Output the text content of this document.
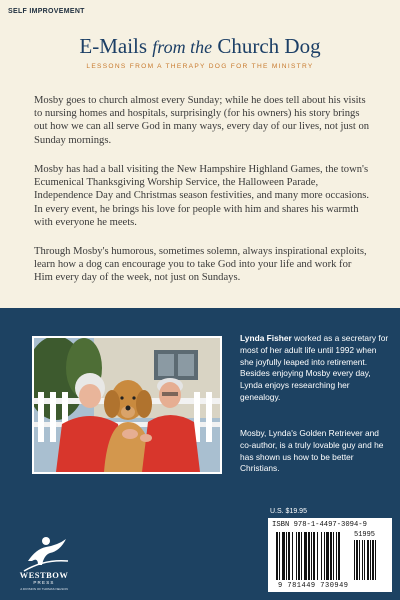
SELF IMPROVEMENT
E-Mails from the Church Dog
LESSONS FROM A THERAPY DOG FOR THE MINISTRY

Mosby goes to church almost every Sunday; while he does tell about his visits to nursing homes and hospitals, surprisingly (for his owners) his story brings out how we can all serve God in many ways, every day of our lives, not just on Sunday mornings.

Mosby has had a ball visiting the New Hampshire Highland Games, the town's Ecumenical Thanksgiving Worship Service, the Halloween Parade, Independence Day and Christmas season festivities, and many more occasions. In every event, he brings his love for people with him and shares his warmth with everyone he meets.

Through Mosby's humorous, sometimes solemn, always inspirational exploits, learn how a dog can encourage you to take God into your life and work for Him every day of the week, not just on Sundays.

Lynda Fisher worked as a secretary for most of her adult life until 1992 when she joyfully leaped into retirement. Besides enjoying Mosby every day, Lynda enjoys researching her genealogy.

Mosby, Lynda's Golden Retriever and co-author, is a truly lovable guy and he has shown us how to be better Christians.

WESTBOW
PRESS
A DIVISION OF THOMAS NELSON
U.S. $19.95
ISBN 978-1-4497-3094-9
51995
9 781449 730949
